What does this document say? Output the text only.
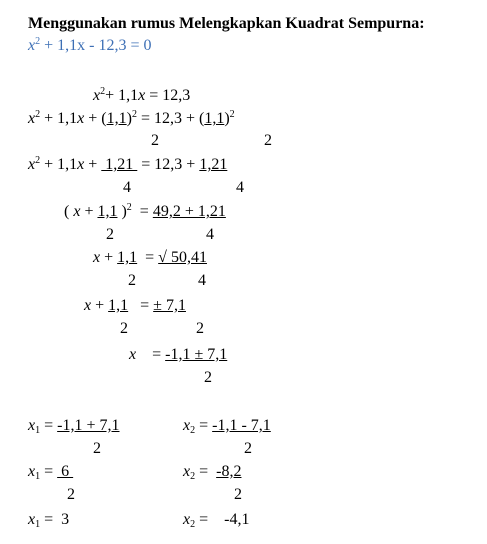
Menggunakan rumus Melengkapkan Kuadrat Sempurna:
$x^2 + 1,1x - 12,3 = 0$
$x^2+ 1,1x = 12,3$
$x^2 + 1,1x + (1,1)^2 = 12,3 + (1,1)^2$
2	2
$x^2 + 1,1x + 1,21 = 12,3 + 1,21$
4	4
( x + 1,1 )$^2$  = 49,2 + 1,21
2	4
x + 1,1  = √ 50,41
2	4
x + 1,1   = ± 7,1
2	2
x    = -1,1 ± 7,1
2
$x_1 = -1,1 + 7,1$
2
$x_1 = 6$
2
$x_1 = 3$
$x_2 = -1,1 - 7,1$
2
$x_2 = -8,2$
2
$x_2$ =    -4,1
